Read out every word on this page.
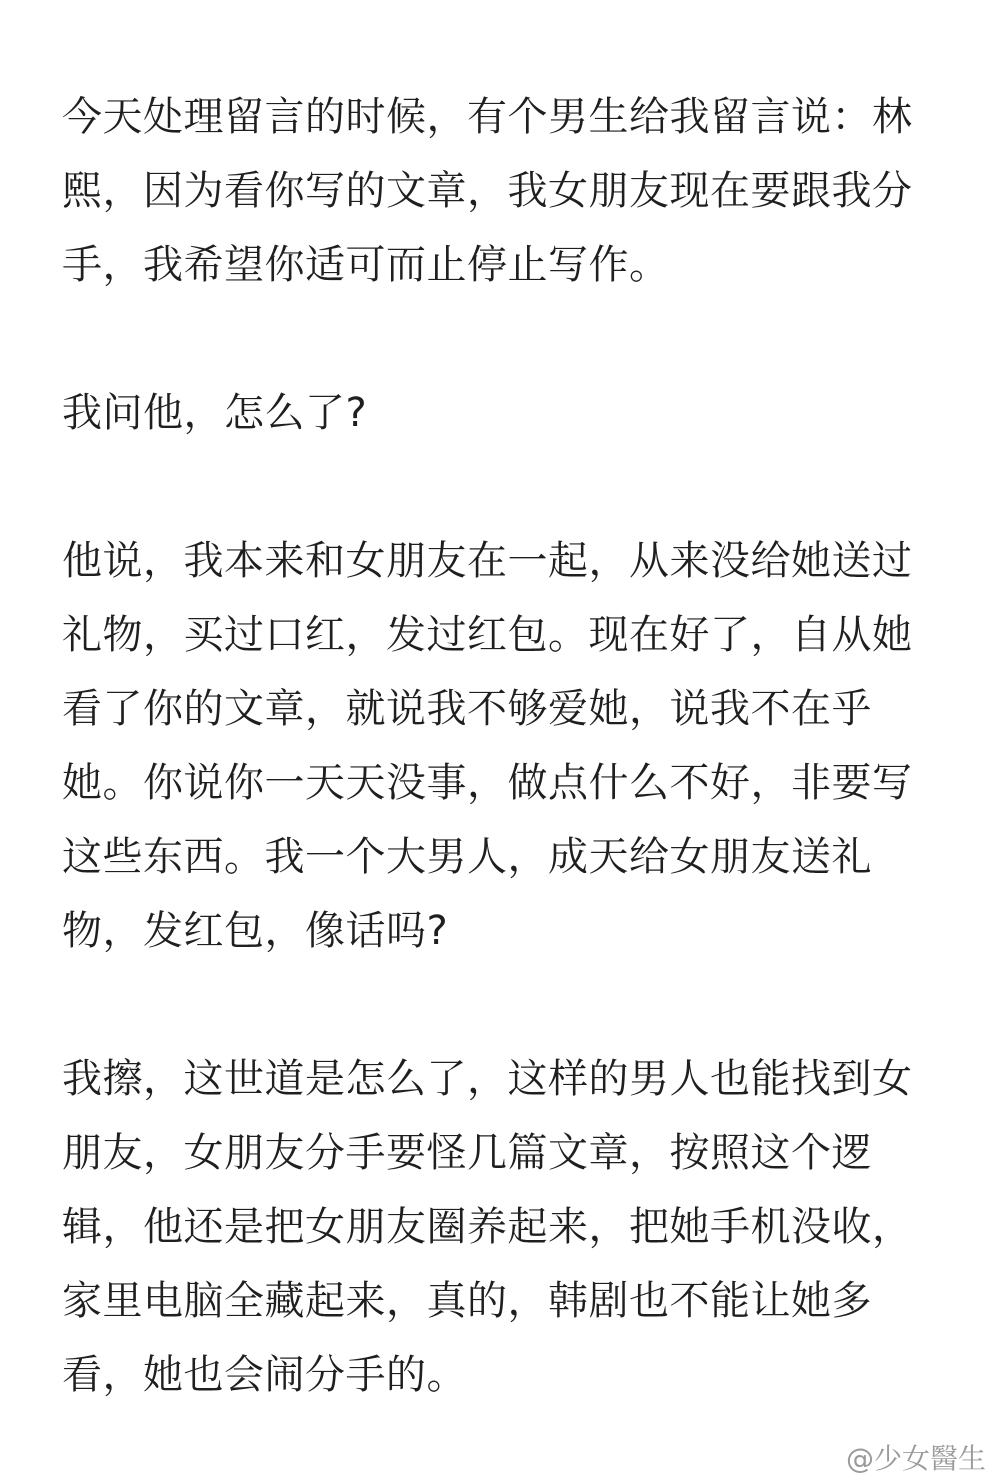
今天处理留言的时候，有个男生给我留言说：林
熙，因为看你写的文章，我女朋友现在要跟我分
手，我希望你适可而止停止写作。
我问他，怎么了?
他说，我本来和女朋友在一起，从来没给她送过
礼物，买过口红，发过红包。现在好了，自从她
看了你的文章，就说我不够爱她，说我不在乎
她。你说你一天天没事，做点什么不好，非要写
这些东西。我一个大男人，成天给女朋友送礼
物，发红包，像话吗?
我擦，这世道是怎么了，这样的男人也能找到女
朋友，女朋友分手要怪几篇文章，按照这个逻
辑，他还是把女朋友圈养起来，把她手机没收，
家里电脑全藏起来，真的，韩剧也不能让她多
看，她也会闹分手的。
@少女醫生
